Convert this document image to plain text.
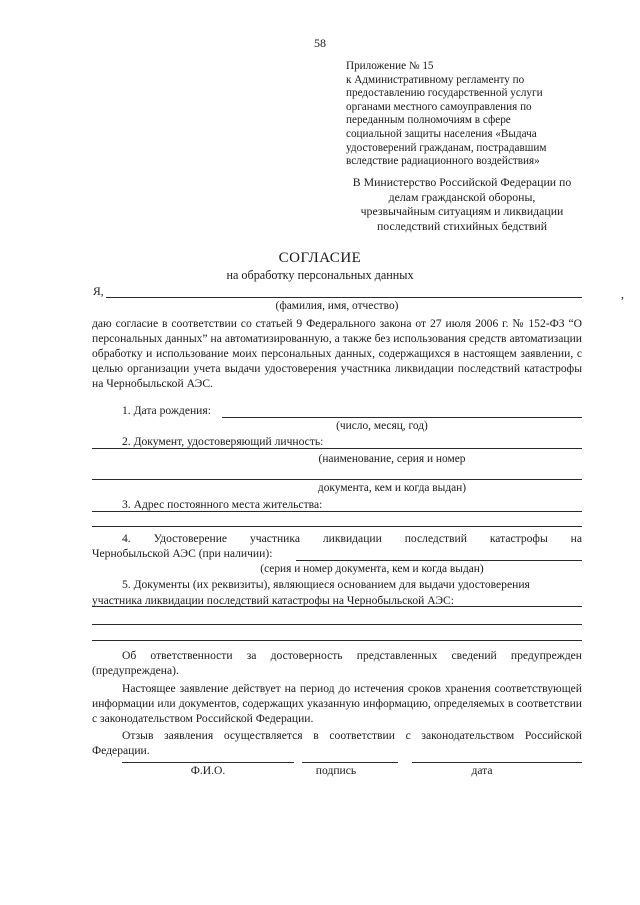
58
Приложение № 15
к Административному регламенту по
предоставлению государственной услуги
органами местного самоуправления по
переданным полномочиям в сфере
социальной защиты населения «Выдача
удостоверений гражданам, пострадавшим
вследствие радиационного воздействия»
В Министерство Российской Федерации по
делам гражданской обороны,
чрезвычайным ситуациям и ликвидации
последствий стихийных бедствий
СОГЛАСИЕ
на обработку персональных данных
Я,	,
(фамилия, имя, отчество)
даю согласие в соответствии со статьей 9 Федерального закона от 27 июля 2006 г. № 152-ФЗ “О персональных данных” на автоматизированную, а также без использования средств автоматизации обработку и использование моих персональных данных, содержащихся в настоящем заявлении, с целью организации учета выдачи удостоверения участника ликвидации последствий катастрофы на Чернобыльской АЭС.
1. Дата рождения:
(число, месяц, год)
2. Документ, удостоверяющий личность:
(наименование, серия и номер
документа, кем и когда выдан)
3. Адрес постоянного места жительства:
4. Удостоверение участника ликвидации последствий катастрофы на
Чернобыльской АЭС (при наличии):
(серия и номер документа, кем и когда выдан)
5. Документы (их реквизиты), являющиеся основанием для выдачи удостоверения
участника ликвидации последствий катастрофы на Чернобыльской АЭС:
Об ответственности за достоверность представленных сведений предупрежден (предупреждена).
Настоящее заявление действует на период до истечения сроков хранения соответствующей информации или документов, содержащих указанную информацию, определяемых в соответствии с законодательством Российской Федерации.
Отзыв заявления осуществляется в соответствии с законодательством Российской Федерации.
Ф.И.О.	подпись	дата
